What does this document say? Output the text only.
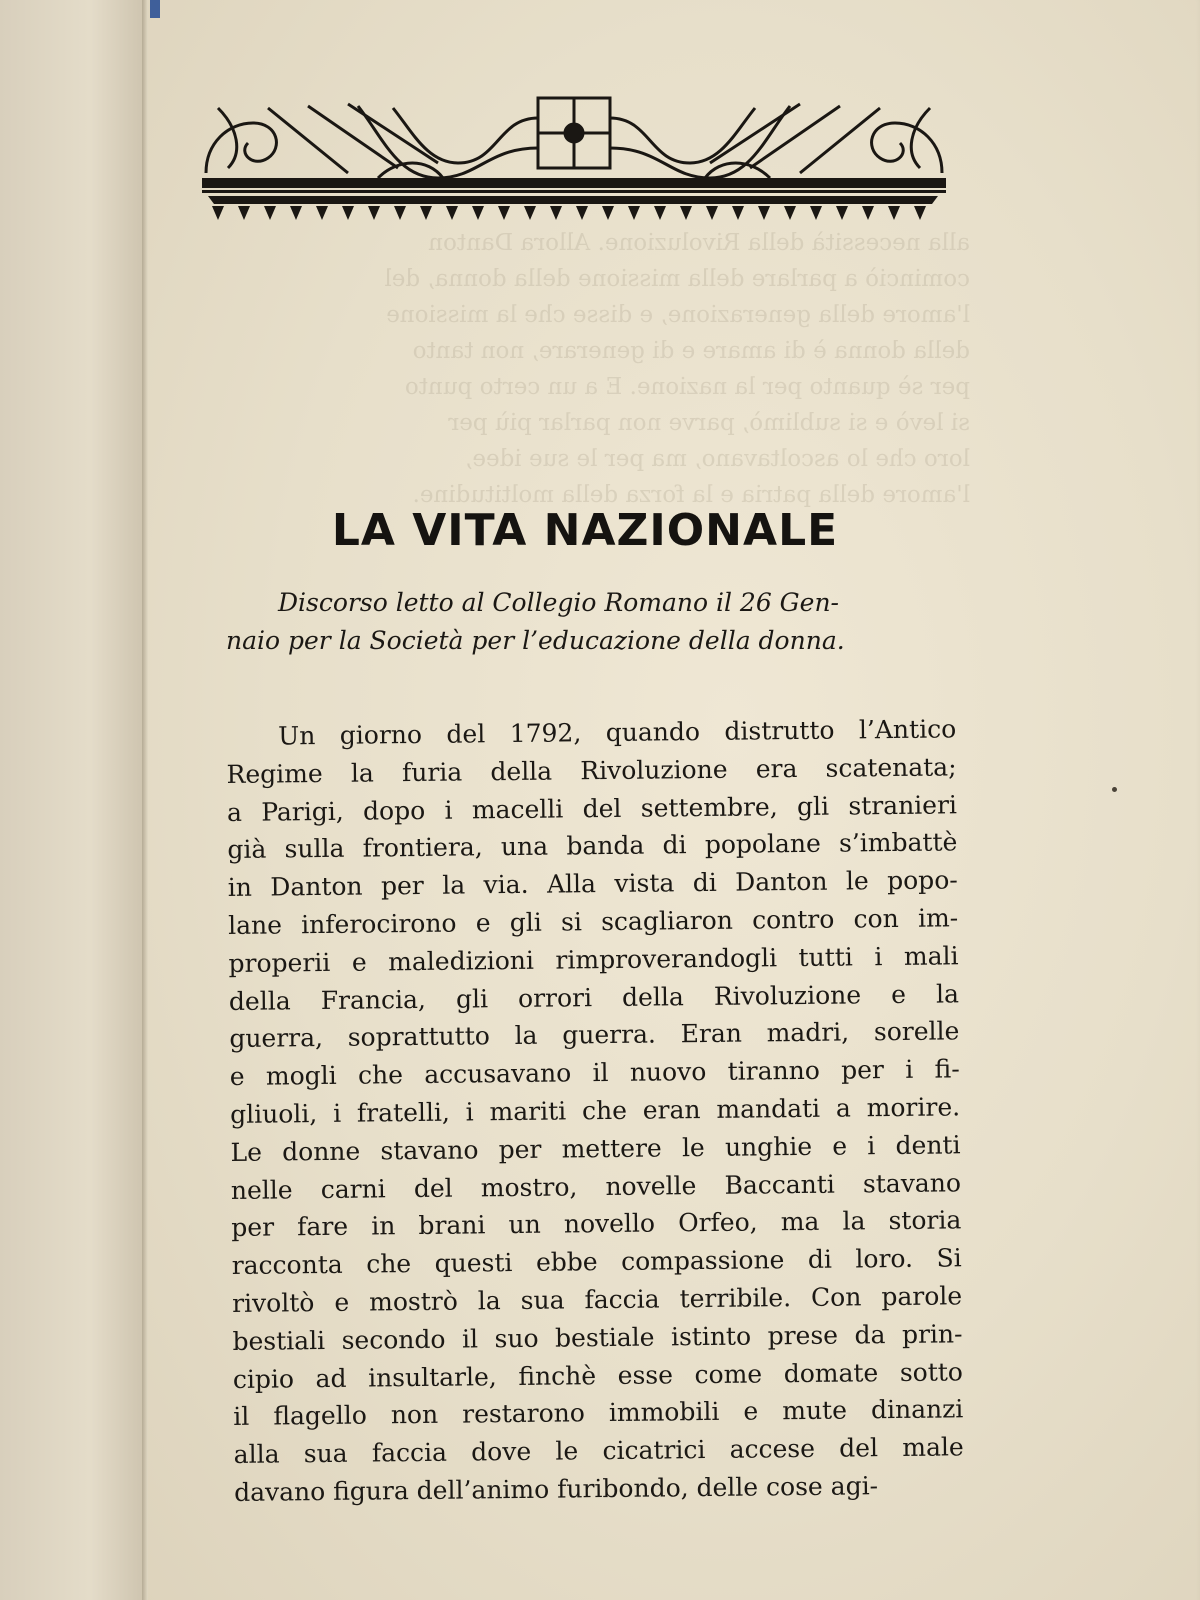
alla necessità della Rivoluzione. Allora Danton
cominciò a parlare della missione della donna, del
l'amore della generazione, e disse che la missione
della donna è di amare e di generare, non tanto
per sè quanto per la nazione. E a un certo punto
si levò e si sublimò, parve non parlar più per
loro che lo ascoltavano, ma per le sue idee,
l'amore della patria e la forza della moltitudine.
LA VITA NAZIONALE
Discorso letto al Collegio Romano il 26 Gen-
naio per la Società per l’educazione della donna.
Un giorno del 1792, quando distrutto l’Antico
Regime la furia della Rivoluzione era scatenata;
a Parigi, dopo i macelli del settembre, gli stranieri
già sulla frontiera, una banda di popolane s’imbattè
in Danton per la via. Alla vista di Danton le popo-
lane inferocirono e gli si scagliaron contro con im-
properii e maledizioni rimproverandogli tutti i mali
della Francia, gli orrori della Rivoluzione e la
guerra, soprattutto la guerra. Eran madri, sorelle
e mogli che accusavano il nuovo tiranno per i fi-
gliuoli, i fratelli, i mariti che eran mandati a morire.
Le donne stavano per mettere le unghie e i denti
nelle carni del mostro, novelle Baccanti stavano
per fare in brani un novello Orfeo, ma la storia
racconta che questi ebbe compassione di loro. Si
rivoltò e mostrò la sua faccia terribile. Con parole
bestiali secondo il suo bestiale istinto prese da prin-
cipio ad insultarle, finchè esse come domate sotto
il flagello non restarono immobili e mute dinanzi
alla sua faccia dove le cicatrici accese del male
davano figura dell’animo furibondo, delle cose agi-
